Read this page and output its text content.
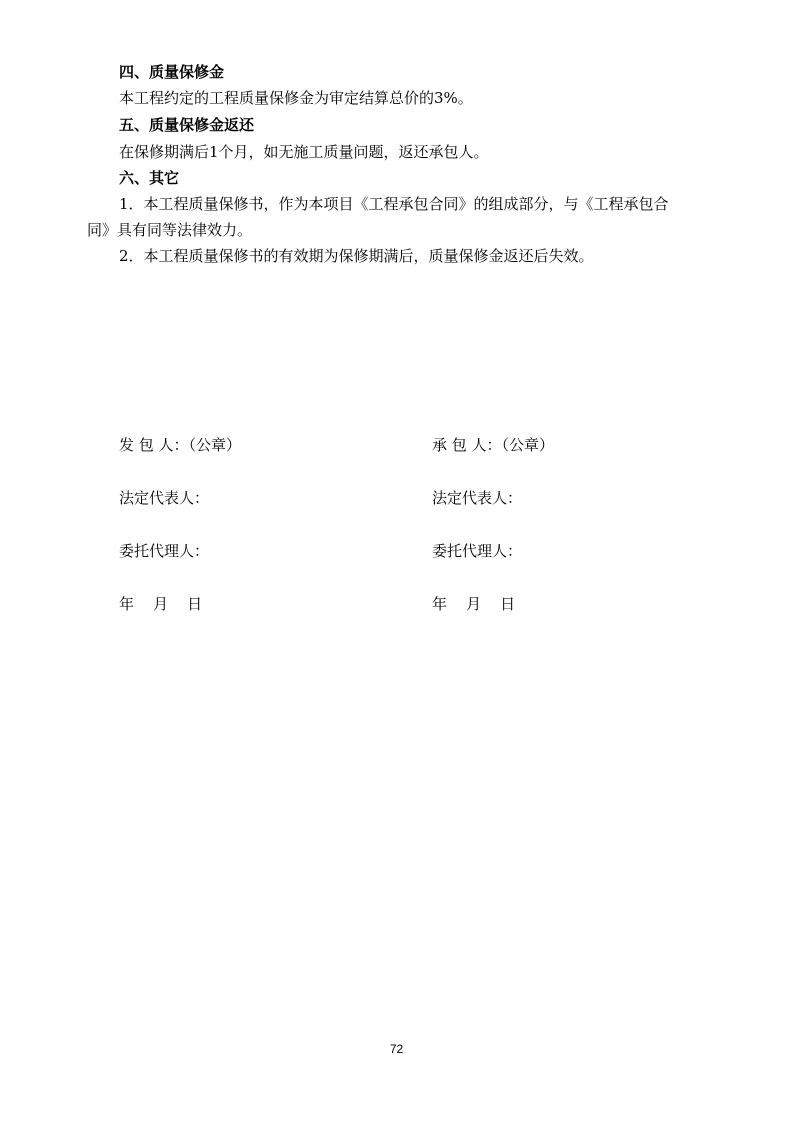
四、质量保修金
本工程约定的工程质量保修金为审定结算总价的3%。
五、质量保修金返还
在保修期满后1个月，如无施工质量问题，返还承包人。
六、其它
1．本工程质量保修书，作为本项目《工程承包合同》的组成部分，与《工程承包合
同》具有同等法律效力。
2．本工程质量保修书的有效期为保修期满后，质量保修金返还后失效。
发 包 人：（公章）
法定代表人：
委托代理人：
年    月    日
承 包 人：（公章）
法定代表人：
委托代理人：
年    月    日
72
